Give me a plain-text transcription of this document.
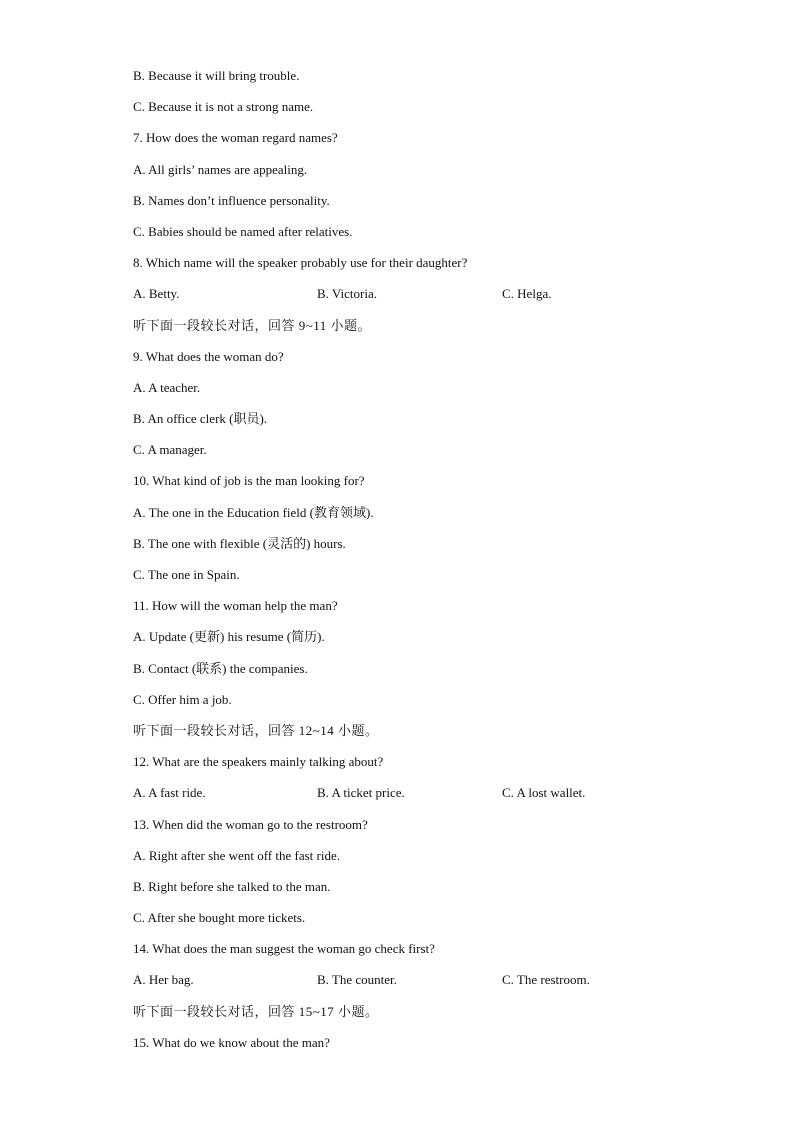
B. Because it will bring trouble.
C. Because it is not a strong name.
7. How does the woman regard names?
A. All girls’ names are appealing.
B. Names don’t influence personality.
C. Babies should be named after relatives.
8. Which name will the speaker probably use for their daughter?
A. Betty.	B. Victoria.	C. Helga.
听下面一段较长对话，回答 9~11 小题。
9. What does the woman do?
A. A teacher.
B. An office clerk (职员).
C. A manager.
10. What kind of job is the man looking for?
A. The one in the Education field (教育领域).
B. The one with flexible (灵活的) hours.
C. The one in Spain.
11. How will the woman help the man?
A. Update (更新) his resume (简历).
B. Contact (联系) the companies.
C. Offer him a job.
听下面一段较长对话，回答 12~14 小题。
12. What are the speakers mainly talking about?
A. A fast ride.	B. A ticket price.	C. A lost wallet.
13. When did the woman go to the restroom?
A. Right after she went off the fast ride.
B. Right before she talked to the man.
C. After she bought more tickets.
14. What does the man suggest the woman go check first?
A. Her bag.	B. The counter.	C. The restroom.
听下面一段较长对话，回答 15~17 小题。
15. What do we know about the man?
